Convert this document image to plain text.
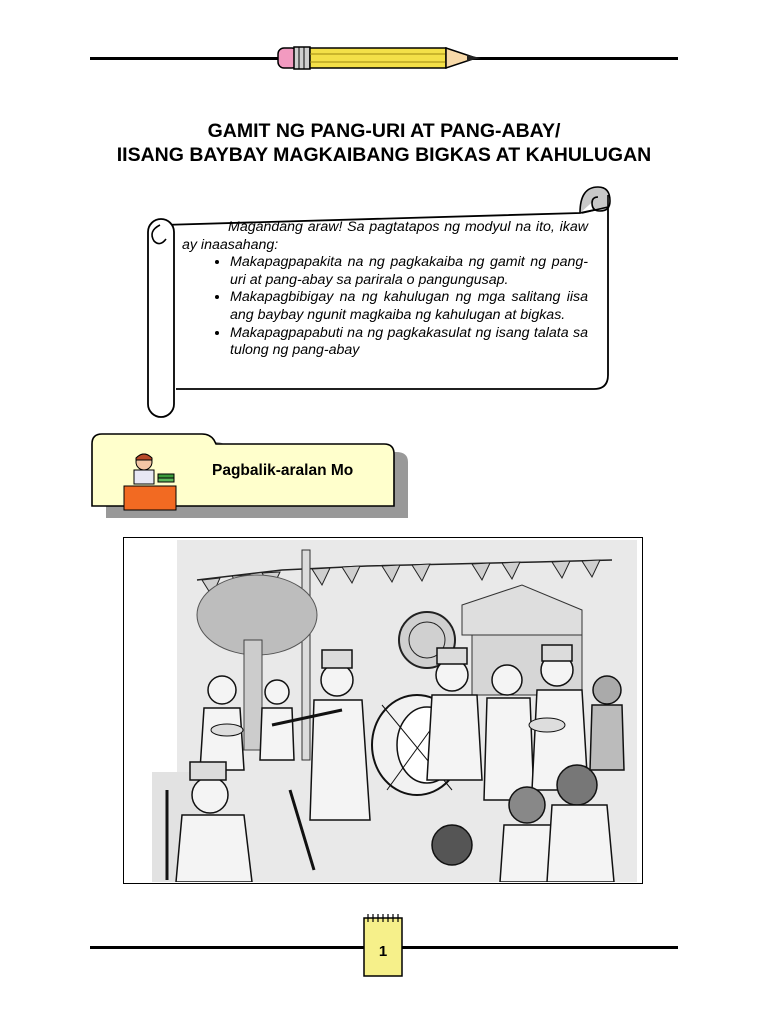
GAMIT NG PANG-URI AT PANG-ABAY/
IISANG BAYBAY MAGKAIBANG BIGKAS AT KAHULUGAN

Magandang araw! Sa pagtatapos ng modyul na ito, ikaw ay inaasahang:

• Makapagpapakita na ng pagkakaiba ng gamit ng pang-uri at pang-abay sa parirala o pangungusap.
• Makapagbibigay na ng kahulugan ng mga salitang iisa ang baybay ngunit magkaiba ng kahulugan at bigkas.
• Makapagpapabuti na ng pagkakasulat ng isang talata sa tulong ng pang-abay
Pagbalik-aralan Mo
1
